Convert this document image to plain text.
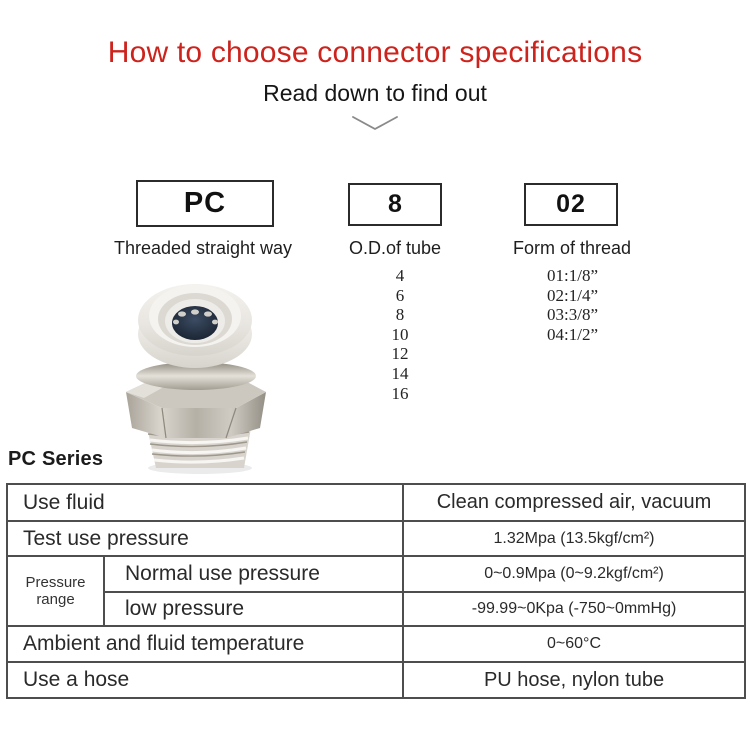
How to choose connector specifications
Read down to find out
PC	8	02
Threaded straight way	O.D.of tube	Form of thread
4
6
8
10
12
14
16
01:1/8”
02:1/4”
03:3/8”
04:1/2”
PC Series
Use fluid		Clean compressed air, vacuum
Test use pressure		1.32Mpa (13.5kgf/cm²)
Pressure range	Normal use pressure	0~0.9Mpa (0~9.2kgf/cm²)
	low pressure	-99.99~0Kpa (-750~0mmHg)
Ambient and fluid temperature		0~60°C
Use a hose		PU hose, nylon tube
